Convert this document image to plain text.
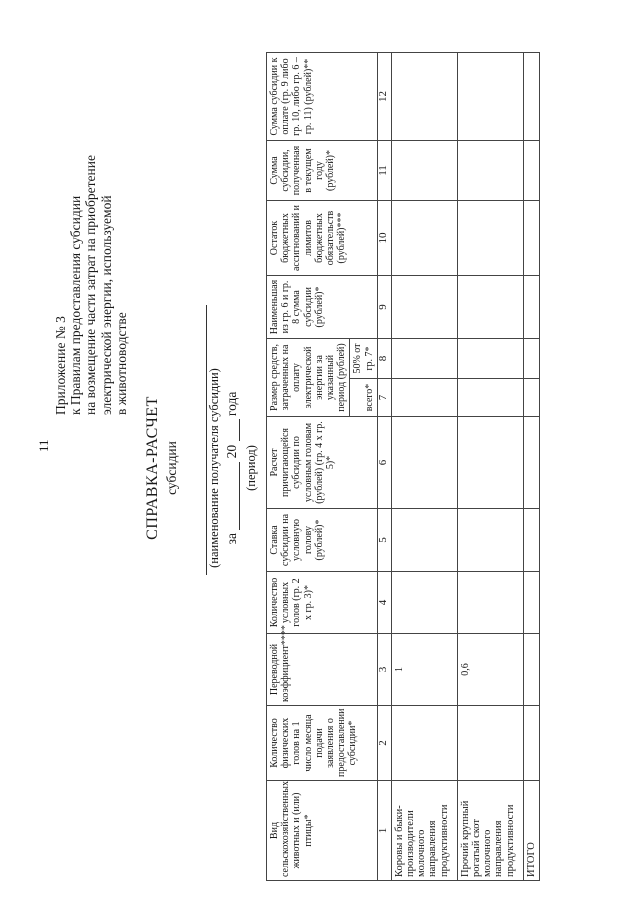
11
Приложение № 3 к Правилам предоставления субсидии на возмещение части затрат на приобретение электрической энергии, используемой в животноводстве
СПРАВКА-РАСЧЕТ субсидии (наименование получателя субсидии) за  20  года
(период)
Вид сельскохозяйственных животных и (или) птицы*	Количество физических голов на 1 число месяца подачи заявления о предоставлении субсидии*	Переводной коэффициент****	Количество условных голов (гр. 2 х гр. 3)*	Ставка субсидии на условную голову (рублей)*	Расчет причитающейся субсидии по условным головам (рублей) (гр. 4 х гр. 5)*	Размер средств, затраченных на оплату электрической энергии за указанный период (рублей)		Наименьшая из гр. 6 и гр. 8 сумма субсидии (рублей)*	Остаток бюджетных ассигнований и лимитов бюджетных обязательств (рублей)***	Сумма субсидии, полученная в текущем году (рублей)*	Сумма субсидии к оплате (гр. 9 либо гр. 10, либо гр. 6 – гр. 11) (рублей)**
						всего*	50% от гр. 7*				
1	2	3	4	5	6	7	8	9	10	11	12
Коровы и быки-производители молочного направления продуктивности		1									
Прочий крупный рогатый скот молочного направления продуктивности		0,6									
ИТОГО											
